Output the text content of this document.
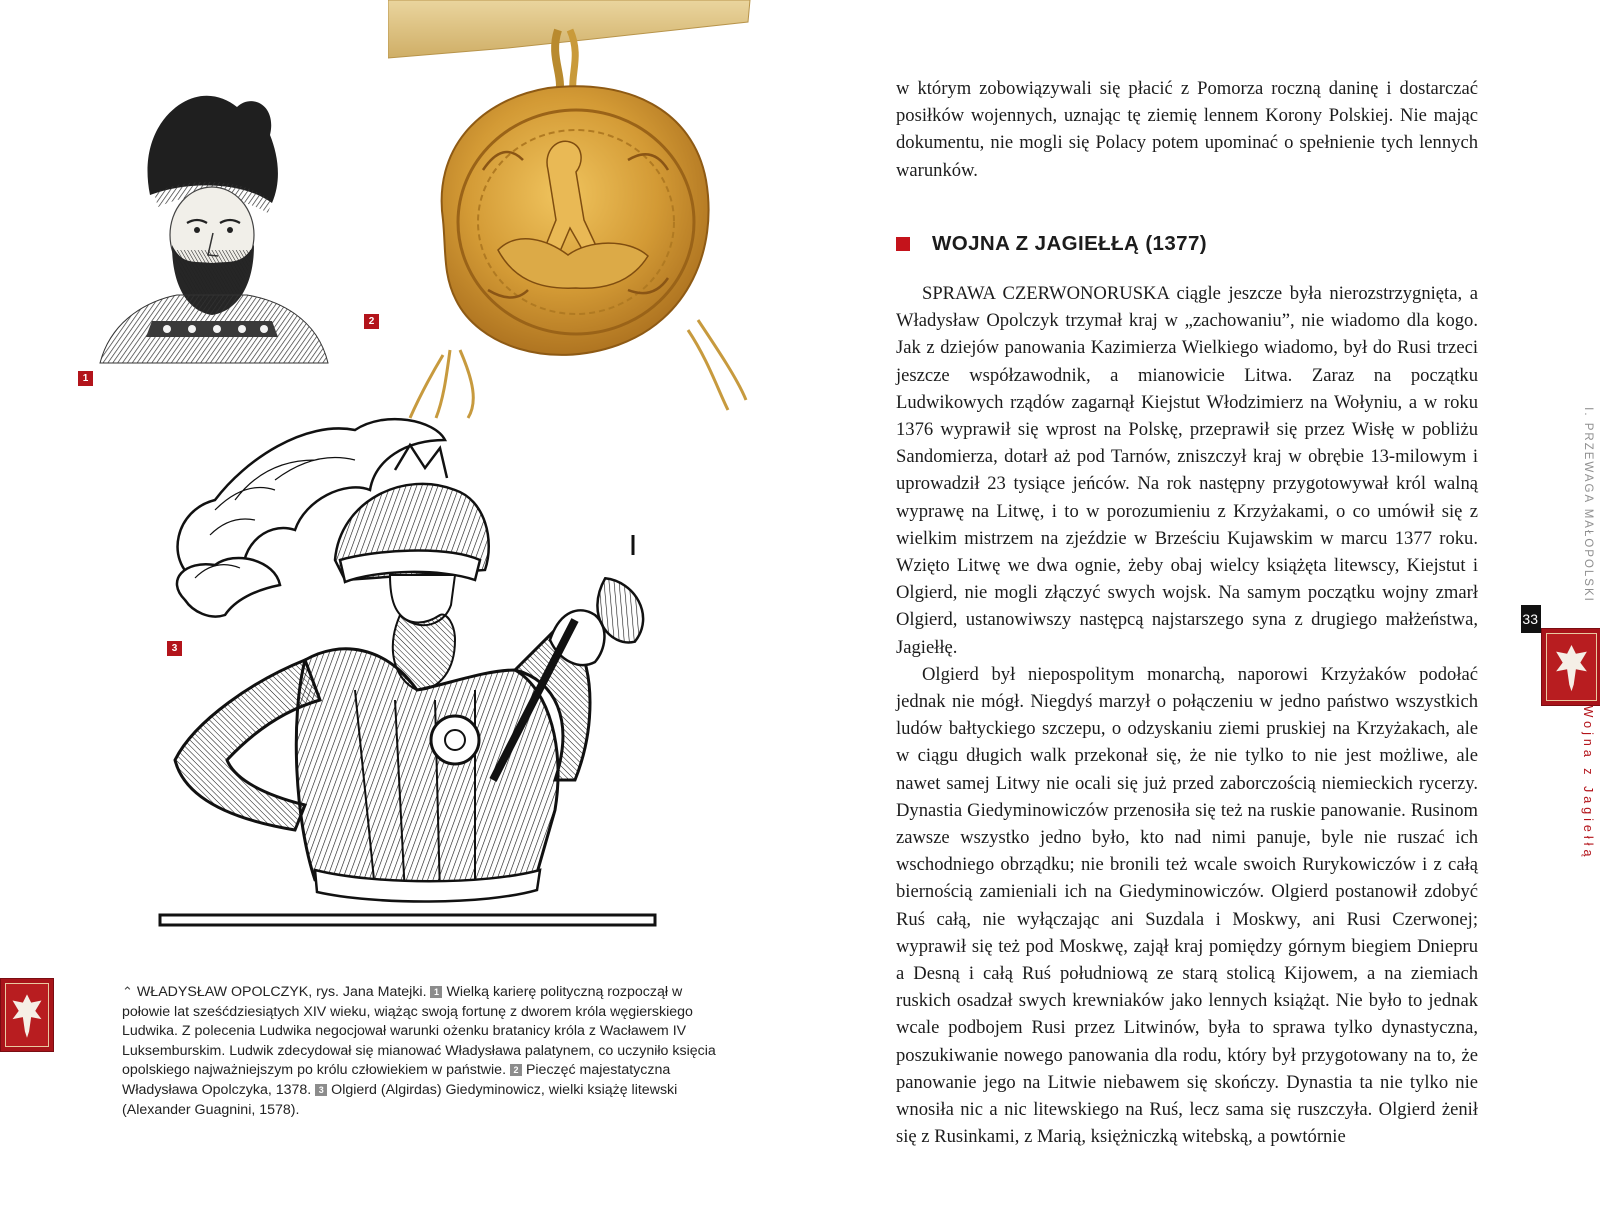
1
2
3
⌃ WŁADYSŁAW OPOLCZYK, rys. Jana Matejki. 1 Wielką karierę polityczną rozpoczął w połowie lat sześćdziesiątych XIV wieku, wiążąc swoją fortunę z dworem króla węgierskiego Ludwika. Z polecenia Ludwika negocjował warunki ożenku bratanicy króla z Wacławem IV Luksemburskim. Ludwik zdecydował się mianować Władysława palatynem, co uczyniło księcia opolskiego najważniejszym po królu człowiekiem w państwie. 2 Pieczęć majestatyczna Władysława Opolczyka, 1378. 3 Olgierd (Algirdas) Giedyminowicz, wielki książę litewski (Alexander Guagnini, 1578).

w którym zobowiązywali się płacić z Pomorza roczną daninę i dostarczać posiłków wojennych, uznając tę ziemię lennem Korony Polskiej. Nie mając dokumentu, nie mogli się Polacy potem upominać o spełnienie tych lennych warunków.

WOJNA Z JAGIEŁŁĄ (1377)

SPRAWA CZERWONORUSKA ciągle jeszcze była nierozstrzygnięta, a Władysław Opolczyk trzymał kraj w „zachowaniu”, nie wiadomo dla kogo. Jak z dziejów panowania Kazimierza Wielkiego wiadomo, był do Rusi trzeci jeszcze współzawodnik, a mianowicie Litwa. Zaraz na początku Ludwikowych rządów zagarnął Kiejstut Włodzimierz na Wołyniu, a w roku 1376 wyprawił się wprost na Polskę, przeprawił się przez Wisłę w pobliżu Sandomierza, dotarł aż pod Tarnów, zniszczył kraj w obrębie 13-milowym i uprowadził 23 tysiące jeńców. Na rok następny przygotowywał król walną wyprawę na Litwę, i to w porozumieniu z Krzyżakami, o co umówił się z wielkim mistrzem na zjeździe w Brześciu Kujawskim w marcu 1377 roku. Wzięto Litwę we dwa ognie, żeby obaj wielcy książęta litewscy, Kiejstut i Olgierd, nie mogli złączyć swych wojsk. Na samym początku wojny zmarł Olgierd, ustanowiwszy następcą najstarszego syna z drugiego małżeństwa, Jagiełłę.

Olgierd był niepospolitym monarchą, naporowi Krzyżaków podołać jednak nie mógł. Niegdyś marzył o połączeniu w jedno państwo wszystkich ludów bałtyckiego szczepu, o odzyskaniu ziemi pruskiej na Krzyżakach, ale w ciągu długich walk przekonał się, że nie tylko to nie jest możliwe, ale nawet samej Litwy nie ocali się już przed zaborczością niemieckich rycerzy. Dynastia Giedyminowiczów przenosiła się też na ruskie panowanie. Rusinom zawsze wszystko jedno było, kto nad nimi panuje, byle nie ruszać ich wschodniego obrządku; nie bronili też wcale swoich Rurykowiczów i z całą biernością zamieniali ich na Giedyminowiczów. Olgierd postanowił zdobyć Ruś całą, nie wyłączając ani Suzdala i Moskwy, ani Rusi Czerwonej; wyprawił się też pod Moskwę, zajął kraj pomiędzy górnym biegiem Dniepru a Desną i całą Ruś południową ze starą stolicą Kijowem, a na ziemiach ruskich osadzał swych krewniaków jako lennych książąt. Nie było to jednak wcale podbojem Rusi przez Litwinów, była to sprawa tylko dynastyczna, poszukiwanie nowego panowania dla rodu, który był przygotowany na to, że panowanie jego na Litwie niebawem się skończy. Dynastia ta nie tylko nie wnosiła nic a nic litewskiego na Ruś, lecz sama się ruszczyła. Olgierd żenił się z Rusinkami, z Marią, księżniczką witebską, a powtórnie

I. PRZEWAGA MAŁOPOLSKI
33
Wojna z Jagiełłą
